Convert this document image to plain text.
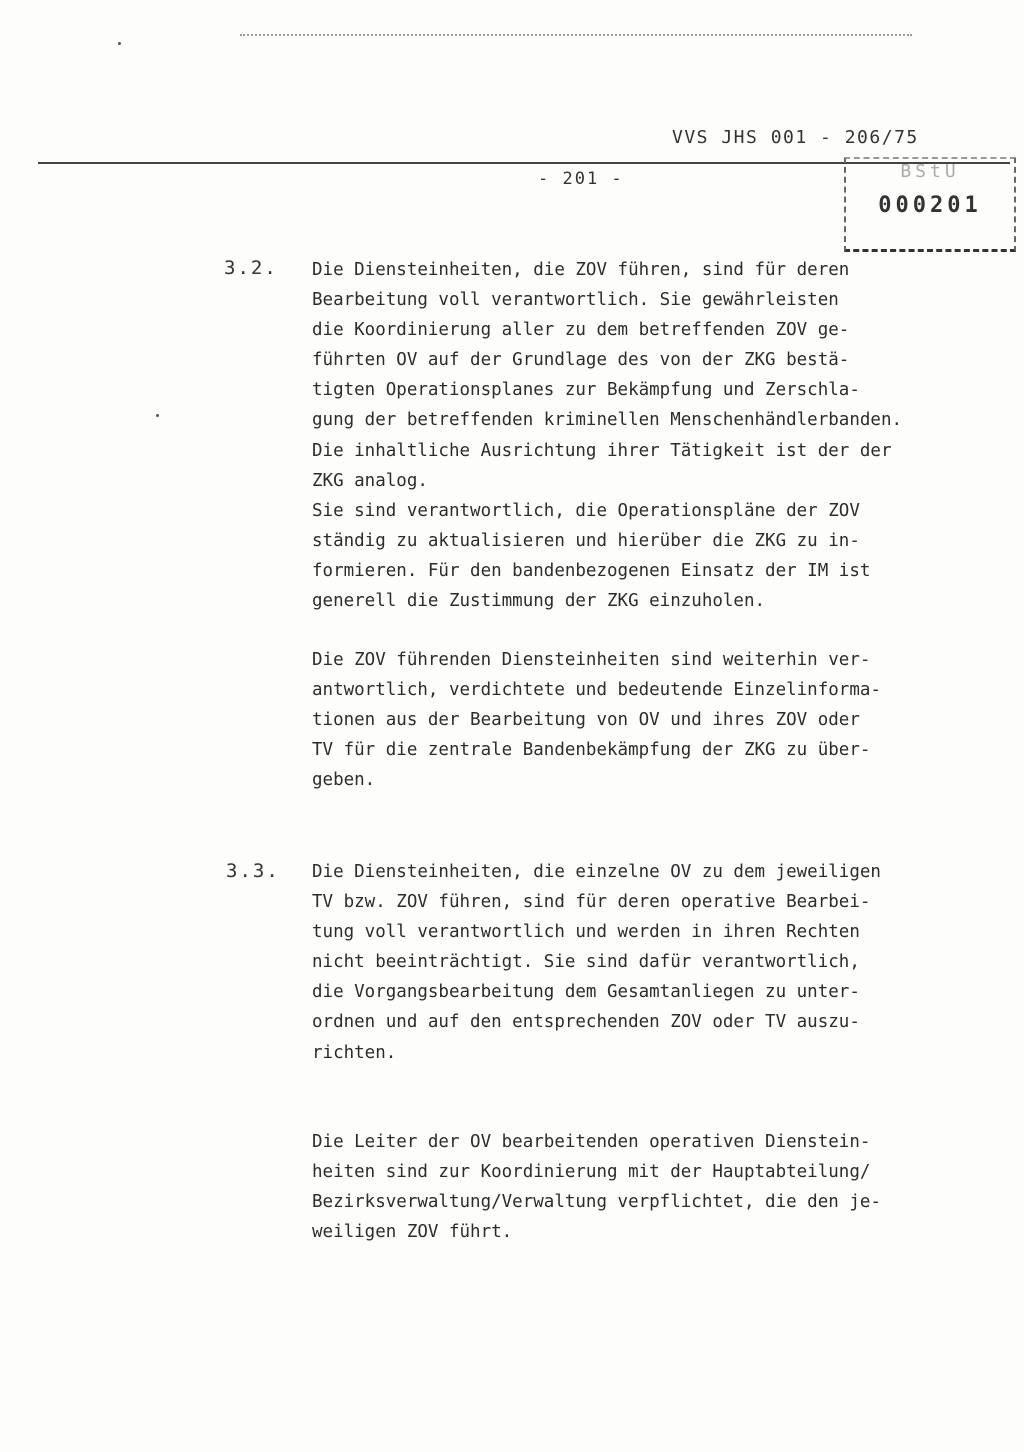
VVS JHS 001 - 206/75
- 201 -	BStU
000201
3.2. Die Diensteinheiten, die ZOV führen, sind für deren
Bearbeitung voll verantwortlich. Sie gewährleisten
die Koordinierung aller zu dem betreffenden ZOV ge-
führten OV auf der Grundlage des von der ZKG bestä-
tigten Operationsplanes zur Bekämpfung und Zerschla-
gung der betreffenden kriminellen Menschenhändlerbanden.
Die inhaltliche Ausrichtung ihrer Tätigkeit ist der der
ZKG analog.
Sie sind verantwortlich, die Operationspläne der ZOV
ständig zu aktualisieren und hierüber die ZKG zu in-
formieren. Für den bandenbezogenen Einsatz der IM ist
generell die Zustimmung der ZKG einzuholen.
Die ZOV führenden Diensteinheiten sind weiterhin ver-
antwortlich, verdichtete und bedeutende Einzelinforma-
tionen aus der Bearbeitung von OV und ihres ZOV oder
TV für die zentrale Bandenbekämpfung der ZKG zu über-
geben.
3.3. Die Diensteinheiten, die einzelne OV zu dem jeweiligen
TV bzw. ZOV führen, sind für deren operative Bearbei-
tung voll verantwortlich und werden in ihren Rechten
nicht beeinträchtigt. Sie sind dafür verantwortlich,
die Vorgangsbearbeitung dem Gesamtanliegen zu unter-
ordnen und auf den entsprechenden ZOV oder TV auszu-
richten.
Die Leiter der OV bearbeitenden operativen Dienstein-
heiten sind zur Koordinierung mit der Hauptabteilung/
Bezirksverwaltung/Verwaltung verpflichtet, die den je-
weiligen ZOV führt.
